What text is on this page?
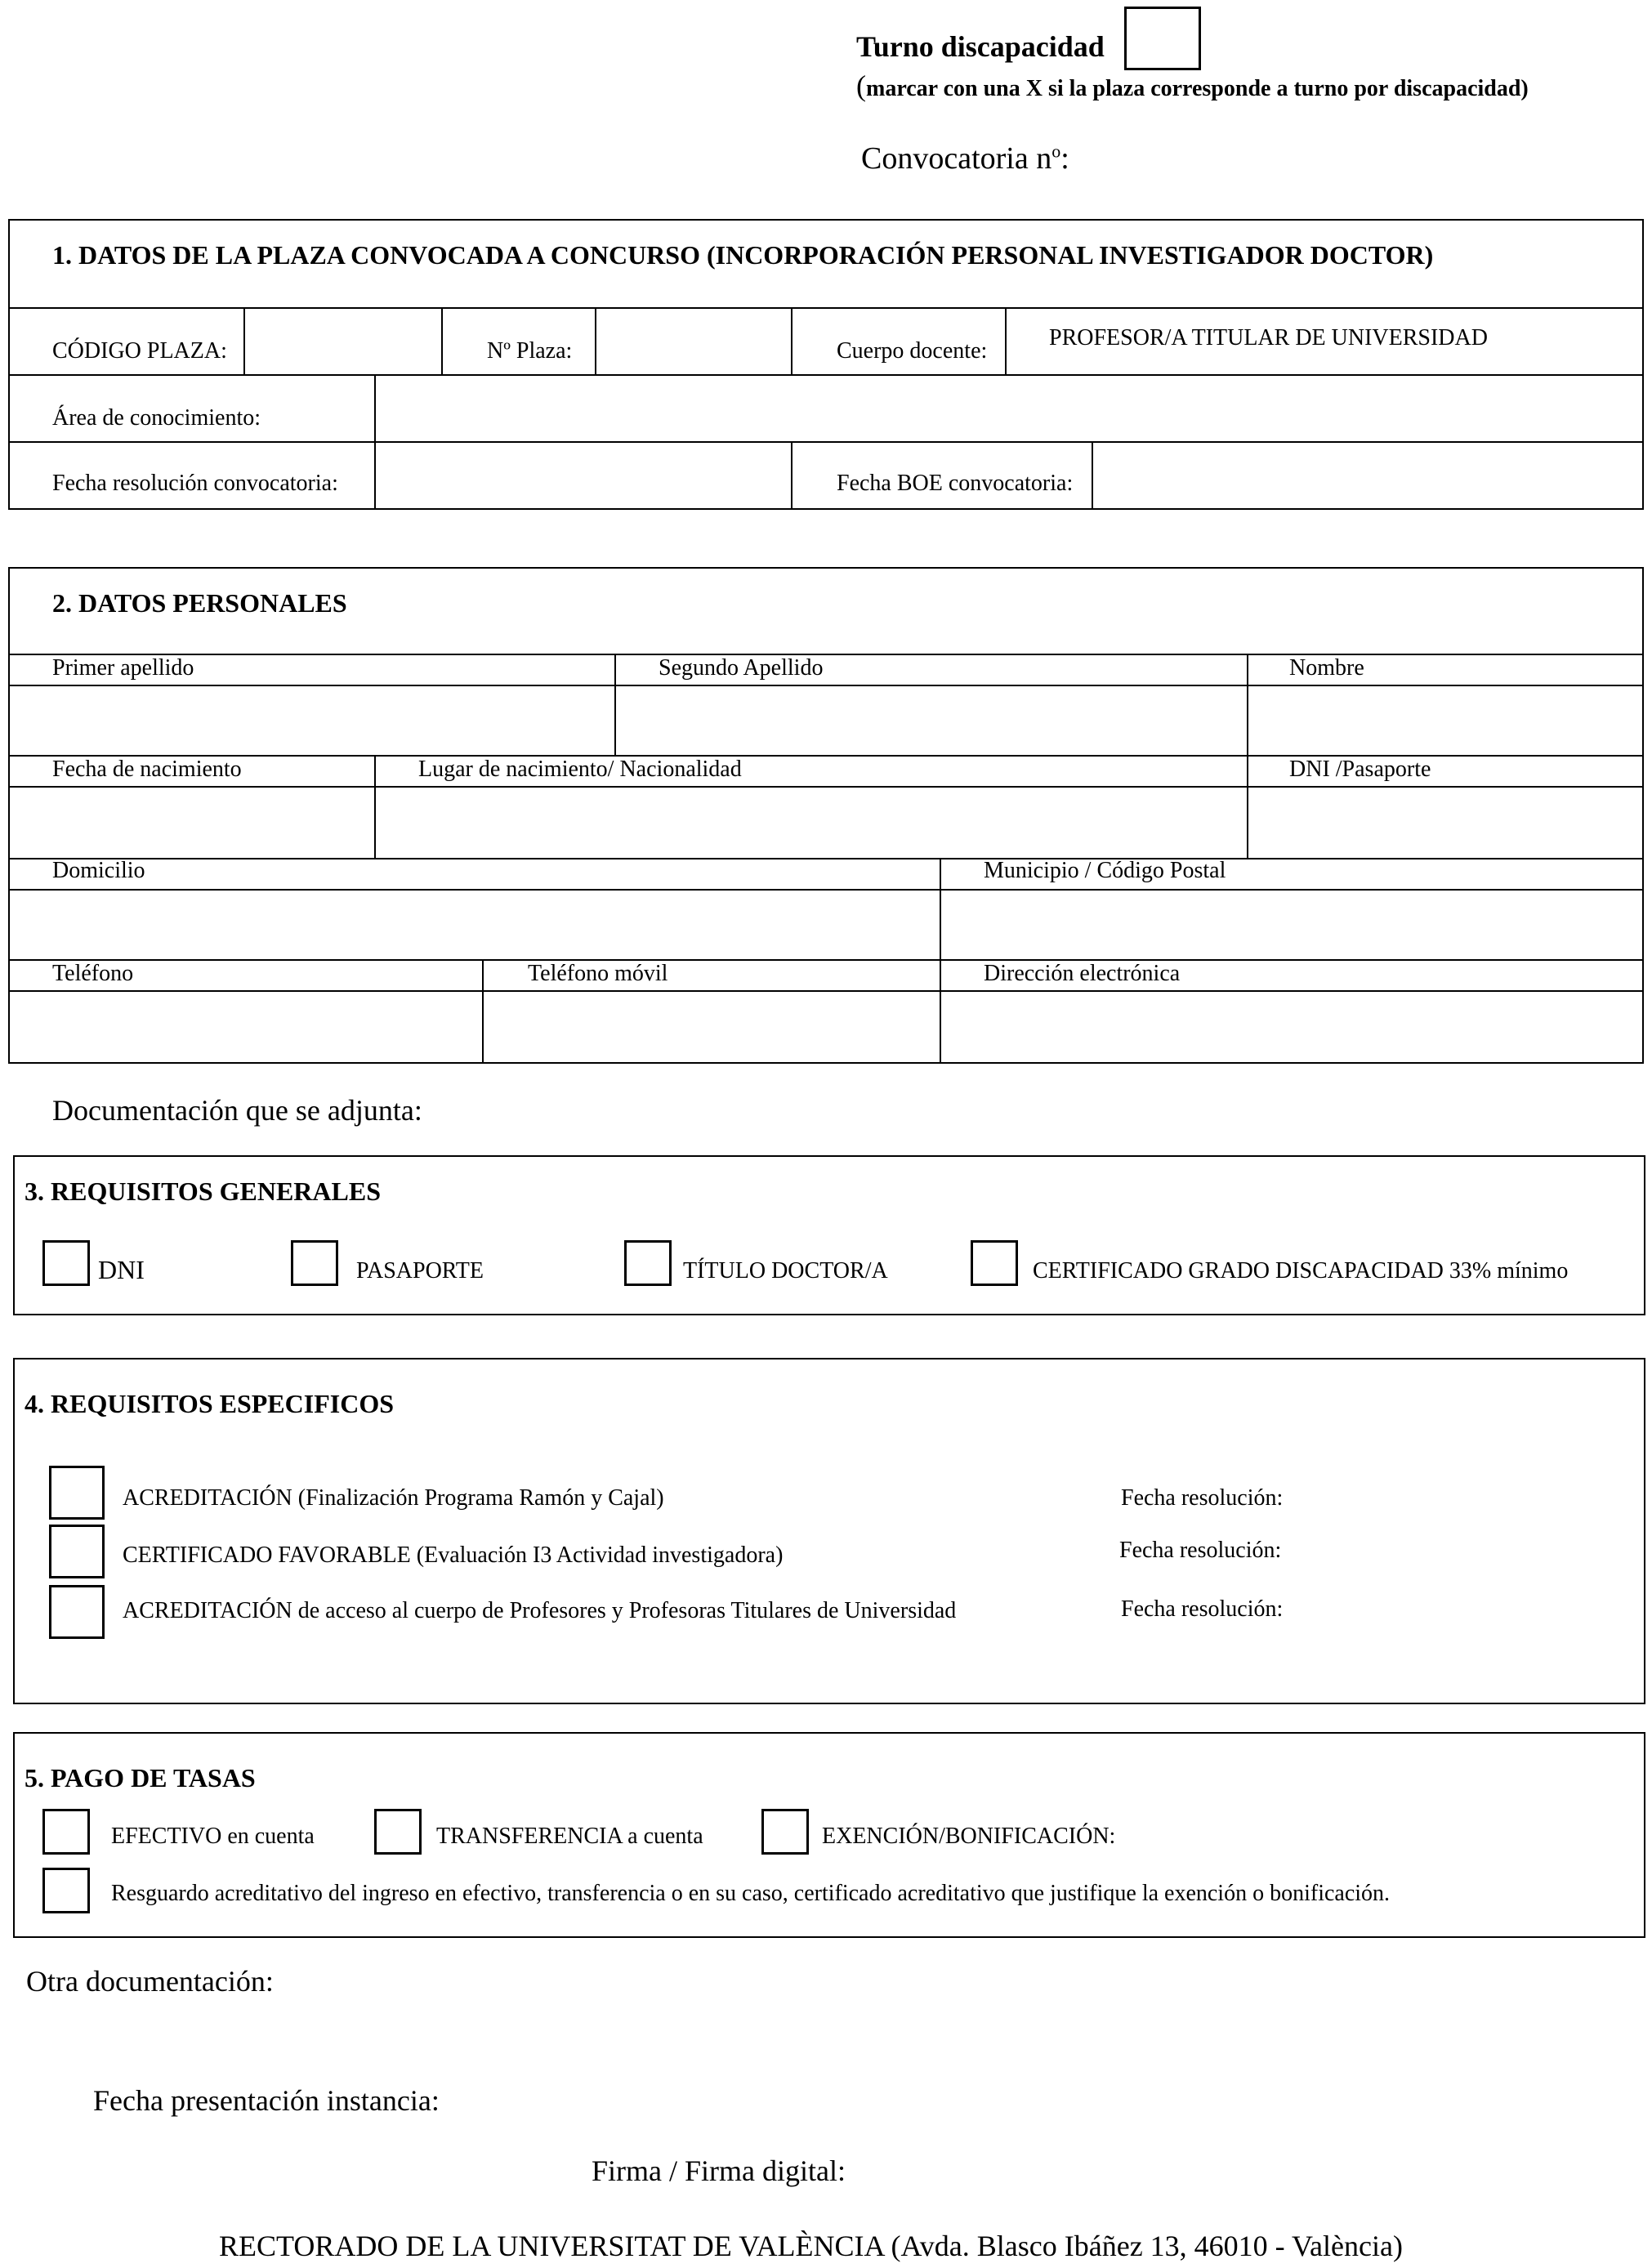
Turno discapacidad
(marcar con una X si la plaza corresponde a turno por discapacidad)
Convocatoria $n^o$:
1. DATOS DE LA PLAZA CONVOCADA A CONCURSO (INCORPORACIÓN PERSONAL INVESTIGADOR DOCTOR)
CÓDIGO PLAZA:	Nº Plaza:	Cuerpo docente:
PROFESOR/A TITULAR DE UNIVERSIDAD
Área de conocimiento:
Fecha resolución convocatoria:	Fecha BOE convocatoria:
2. DATOS PERSONALES
Primer apellido	Segundo Apellido	Nombre
Fecha de nacimiento	Lugar de nacimiento/ Nacionalidad	DNI /Pasaporte
Domicilio	Municipio / Código Postal
Teléfono	Teléfono móvil	Dirección electrónica
Documentación que se adjunta:
3. REQUISITOS GENERALES
DNI	PASAPORTE	TÍTULO DOCTOR/A	CERTIFICADO GRADO DISCAPACIDAD 33% mínimo
4. REQUISITOS ESPECIFICOS
ACREDITACIÓN (Finalización Programa Ramón y Cajal)	Fecha resolución:
CERTIFICADO FAVORABLE (Evaluación I3 Actividad investigadora)	Fecha resolución:
ACREDITACIÓN de acceso al cuerpo de Profesores y Profesoras Titulares de Universidad	Fecha resolución:
5. PAGO DE TASAS
EFECTIVO en cuenta	TRANSFERENCIA a cuenta	EXENCIÓN/BONIFICACIÓN:
Resguardo acreditativo del ingreso en efectivo, transferencia o en su caso, certificado acreditativo que justifique la exención o bonificación.
Otra documentación:
Fecha presentación instancia:
Firma / Firma digital:
RECTORADO DE LA UNIVERSITAT DE VALÈNCIA (Avda. Blasco Ibáñez 13, 46010 - València)
